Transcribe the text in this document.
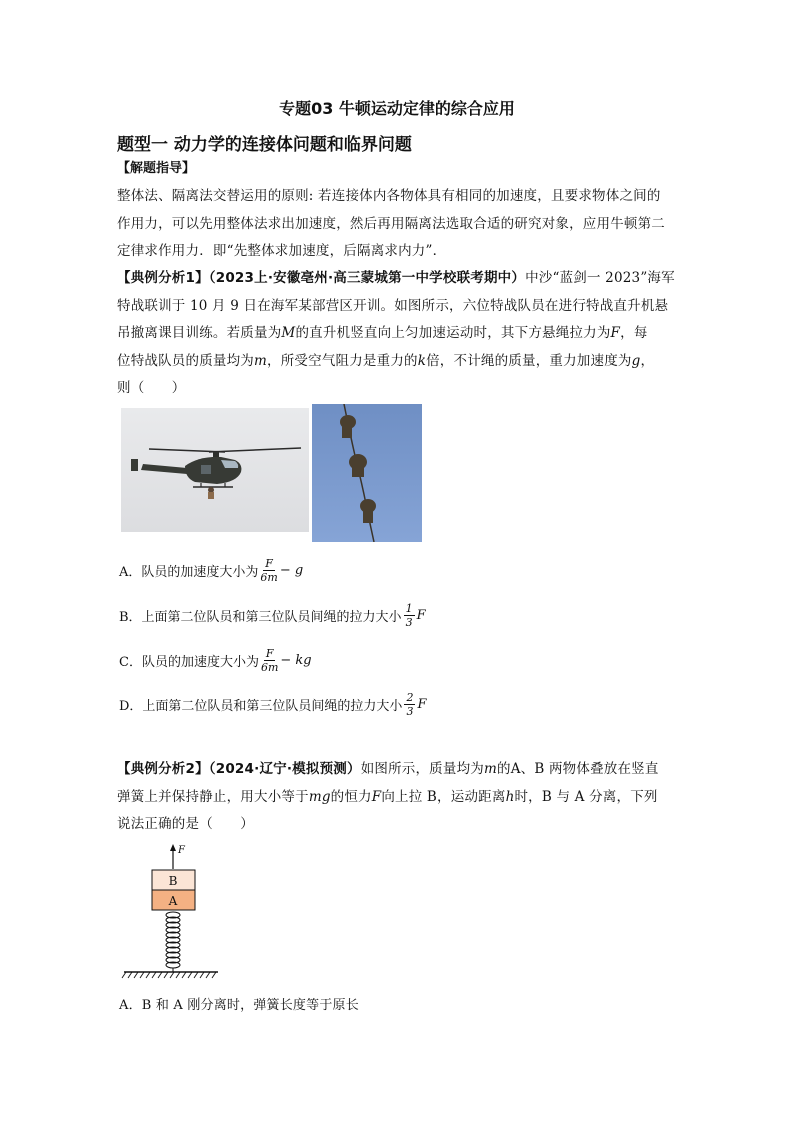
专题03 牛顿运动定律的综合应用
题型一 动力学的连接体问题和临界问题
【解题指导】
整体法、隔离法交替运用的原则: 若连接体内各物体具有相同的加速度，且要求物体之间的
作用力，可以先用整体法求出加速度，然后再用隔离法选取合适的研究对象，应用牛顿第二
定律求作用力．即“先整体求加速度，后隔离求内力”．
【典例分析1】（2023上·安徽亳州·高三蒙城第一中学校联考期中）中沙“蓝剑一 2023”海军
特战联训于 10 月 9 日在海军某部营区开训。如图所示，六位特战队员在进行特战直升机悬
吊撤离课目训练。若质量为M的直升机竖直向上匀加速运动时，其下方悬绳拉力为F，每
位特战队员的质量均为m，所受空气阻力是重力的k倍，不计绳的质量，重力加速度为g，
则（　　）
A．队员的加速度大小为 $\frac{F}{6m} - g$
B．上面第二位队员和第三位队员间绳的拉力大小 $\frac{1}{3}$ F
C．队员的加速度大小为 $\frac{F}{6m}$ − kg
D．上面第二位队员和第三位队员间绳的拉力大小 $\frac{2}{3}$ F
【典例分析2】（2024·辽宁·模拟预测）如图所示，质量均为m的A、B 两物体叠放在竖直
弹簧上并保持静止，用大小等于mg的恒力F向上拉 B，运动距离h时，B 与 A 分离，下列
说法正确的是（　　）
F
B
A
A．B 和 A 刚分离时，弹簧长度等于原长
